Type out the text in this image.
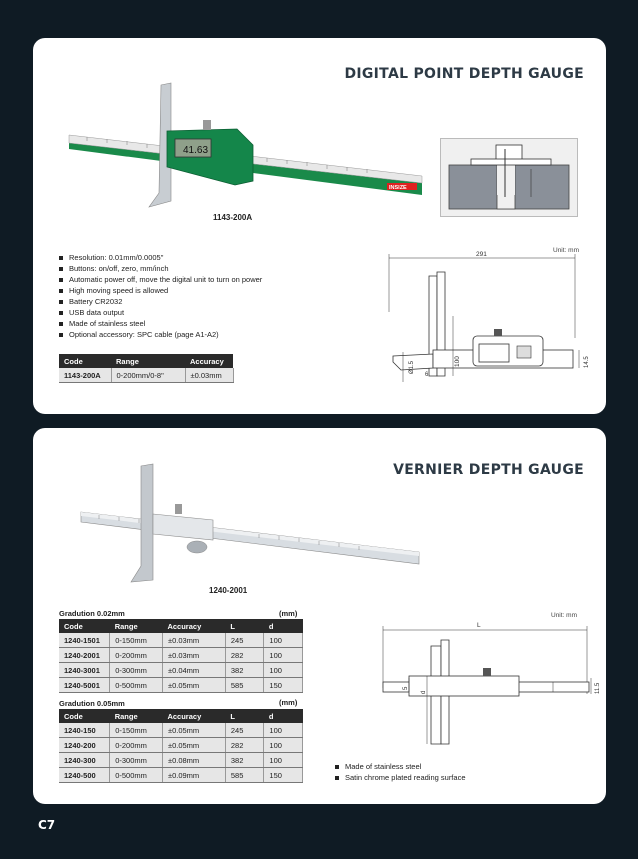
DIGITAL POINT DEPTH GAUGE
41.63
INSIZE
1143-200A
Unit: mm
Resolution: 0.01mm/0.0005"
Buttons: on/off, zero, mm/inch
Automatic power off, move the digital unit to turn on power
High moving speed is allowed
Battery CR2032
USB data output
Made of stainless steel
Optional accessory: SPC cable (page A1-A2)
291
Ø1.5
6
100	14.5
Code	Range	Accuracy
1143-200A	0-200mm/0-8"	±0.03mm
VERNIER DEPTH GAUGE
1240-2001
Gradution 0.02mm	(mm)
Code	Range	Accuracy	L	d
1240-1501	0-150mm	±0.03mm	245	100
1240-2001	0-200mm	±0.03mm	282	100
1240-3001	0-300mm	±0.04mm	382	100
1240-5001	0-500mm	±0.05mm	585	150
Gradution 0.05mm	(mm)
Code	Range	Accuracy	L	d
1240-150	0-150mm	±0.05mm	245	100
1240-200	0-200mm	±0.05mm	282	100
1240-300	0-300mm	±0.08mm	382	100
1240-500	0-500mm	±0.09mm	585	150
Unit: mm
L
d
5	11.5
Made of stainless steel
Satin chrome plated reading surface
C7
